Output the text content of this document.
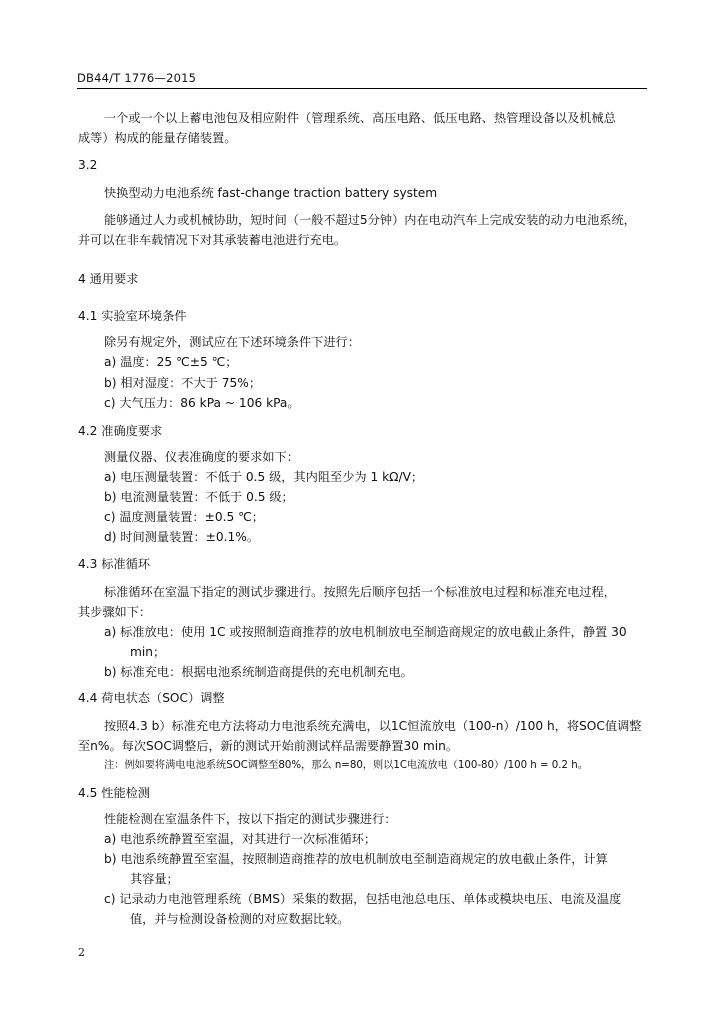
DB44/T 1776—2015
一个或一个以上蓄电池包及相应附件（管理系统、高压电路、低压电路、热管理设备以及机械总
成等）构成的能量存储装置。
3.2
快换型动力电池系统 fast-change traction battery system
能够通过人力或机械协助，短时间（一般不超过5分钟）内在电动汽车上完成安装的动力电池系统，
并可以在非车载情况下对其承装蓄电池进行充电。
4 通用要求
4.1 实验室环境条件
除另有规定外，测试应在下述环境条件下进行：
a) 温度：25 ℃±5 ℃；
b) 相对湿度：不大于 75%；
c) 大气压力：86 kPa ~ 106 kPa。
4.2 准确度要求
测量仪器、仪表准确度的要求如下：
a) 电压测量装置：不低于 0.5 级，其内阻至少为 1 kΩ/V；
b) 电流测量装置：不低于 0.5 级；
c) 温度测量装置：±0.5 ℃；
d) 时间测量装置：±0.1%。
4.3 标准循环
标准循环在室温下指定的测试步骤进行。按照先后顺序包括一个标准放电过程和标准充电过程，
其步骤如下：
a) 标准放电：使用 1C 或按照制造商推荐的放电机制放电至制造商规定的放电截止条件，静置 30
min；
b) 标准充电：根据电池系统制造商提供的充电机制充电。
4.4 荷电状态（SOC）调整
按照4.3 b）标准充电方法将动力电池系统充满电，以1C恒流放电（100-n）/100 h，将SOC值调整
至n%。每次SOC调整后，新的测试开始前测试样品需要静置30 min。
注：例如要将满电电池系统SOC调整至80%，那么 n=80，则以1C电流放电（100-80）/100 h = 0.2 h。
4.5 性能检测
性能检测在室温条件下，按以下指定的测试步骤进行：
a) 电池系统静置至室温，对其进行一次标准循环；
b) 电池系统静置至室温，按照制造商推荐的放电机制放电至制造商规定的放电截止条件，计算
其容量；
c) 记录动力电池管理系统（BMS）采集的数据，包括电池总电压、单体或模块电压、电流及温度
值，并与检测设备检测的对应数据比较。
2
